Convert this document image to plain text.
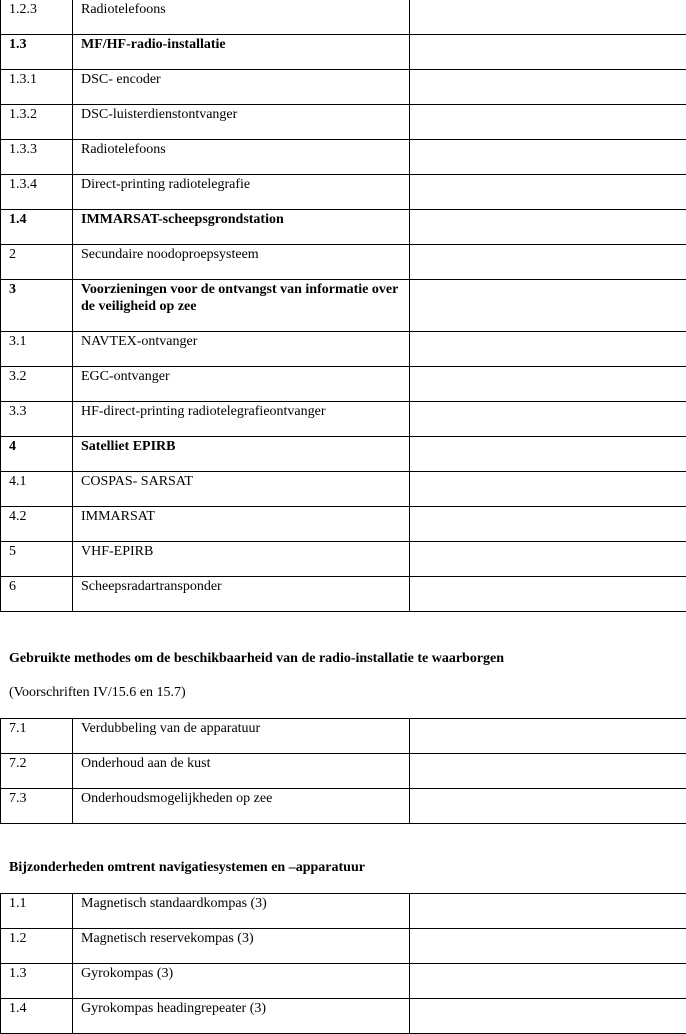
1.2.3	Radiotelefoons	
1.3	MF/HF-radio-installatie	
1.3.1	DSC- encoder	
1.3.2	DSC-luisterdienstontvanger	
1.3.3	Radiotelefoons	
1.3.4	Direct-printing radiotelegrafie	
1.4	IMMARSAT-scheepsgrondstation	
2	Secundaire noodoproepsysteem	
3	Voorzieningen voor de ontvangst van informatie over de veiligheid op zee	
3.1	NAVTEX-ontvanger	
3.2	EGC-ontvanger	
3.3	HF-direct-printing radiotelegrafieontvanger	
4	Satelliet EPIRB	
4.1	COSPAS- SARSAT	
4.2	IMMARSAT	
5	VHF-EPIRB	
6	Scheepsradartransponder	
Gebruikte methodes om de beschikbaarheid van de radio-installatie te waarborgen
(Voorschriften IV/15.6 en 15.7)
7.1	Verdubbeling van de apparatuur	
7.2	Onderhoud aan de kust	
7.3	Onderhoudsmogelijkheden op zee	
Bijzonderheden omtrent navigatiesystemen en –apparatuur
1.1	Magnetisch standaardkompas (3)	
1.2	Magnetisch reservekompas (3)	
1.3	Gyrokompas (3)	
1.4	Gyrokompas headingrepeater (3)	
